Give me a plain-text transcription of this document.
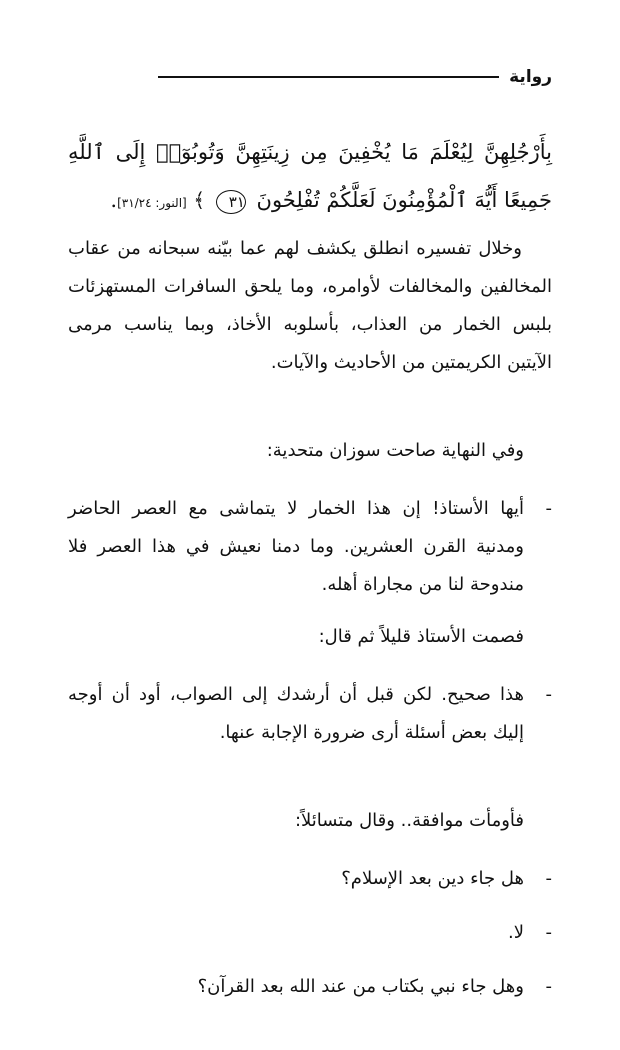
رواية
بِأَرْجُلِهِنَّ لِيُعْلَمَ مَا يُخْفِينَ مِن زِينَتِهِنَّ وَتُوبُوٓا۟ إِلَى ٱللَّهِ جَمِيعًا أَيُّهَ ٱلْمُؤْمِنُونَ لَعَلَّكُمْ تُفْلِحُونَ ٣١ ﴾ [النور: ٣١/٢٤].
وخلال تفسيره انطلق يكشف لهم عما بيّنه سبحانه من عقاب المخالفين والمخالفات لأوامره، وما يلحق السافرات المستهزئات بلبس الخمار من العذاب، بأسلوبه الأخاذ، وبما يناسب مرمى الآيتين الكريمتين من الأحاديث والآيات.
وفي النهاية صاحت سوزان متحدية:
-
أيها الأستاذ! إن هذا الخمار لا يتماشى مع العصر الحاضر ومدنية القرن العشرين. وما دمنا نعيش في هذا العصر فلا مندوحة لنا من مجاراة أهله.
فصمت الأستاذ قليلاً ثم قال:
-
هذا صحيح. لكن قبل أن أرشدك إلى الصواب، أود أن أوجه إليك بعض أسئلة أرى ضرورة الإجابة عنها.
فأومأت موافقة.. وقال متسائلاً:
-
هل جاء دين بعد الإسلام؟
-
لا.
-
وهل جاء نبي بكتاب من عند الله بعد القرآن؟
